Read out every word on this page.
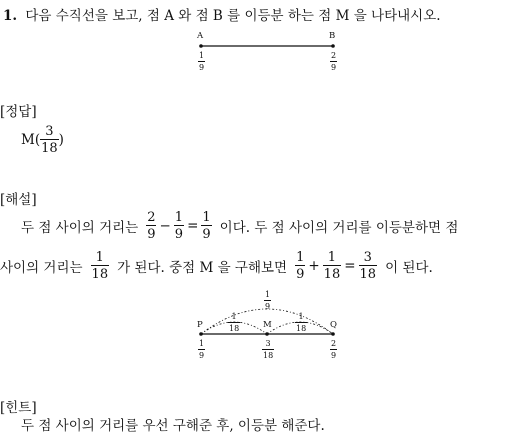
1. 다음 수직선을 보고, 점 A 와 점 B 를 이등분 하는 점 M 을 나타내시오.
A	B
$\frac{1}{9}$	$\frac{2}{9}$
[정답]
$M( \frac{3}{18}$ )
[해설]
두 점 사이의 거리는 $\frac{2}{9} - \frac{1}{9} = \frac{1}{9}$ 이다. 두 점 사이의 거리를 이등분하면 점
사이의 거리는 $\frac{1}{18}$ 가 된다. 중점 M 을 구해보면 $\frac{1}{9} + \frac{1}{18} = \frac{3}{18}$ 이 된다.
$\frac{1}{9}$
$\frac{1}{18}$	$\frac{1}{18}$
P	M	Q
$\frac{1}{9}$	$\frac{3}{18}$	$\frac{2}{9}$
[힌트]
두 점 사이의 거리를 우선 구해준 후, 이등분 해준다.
